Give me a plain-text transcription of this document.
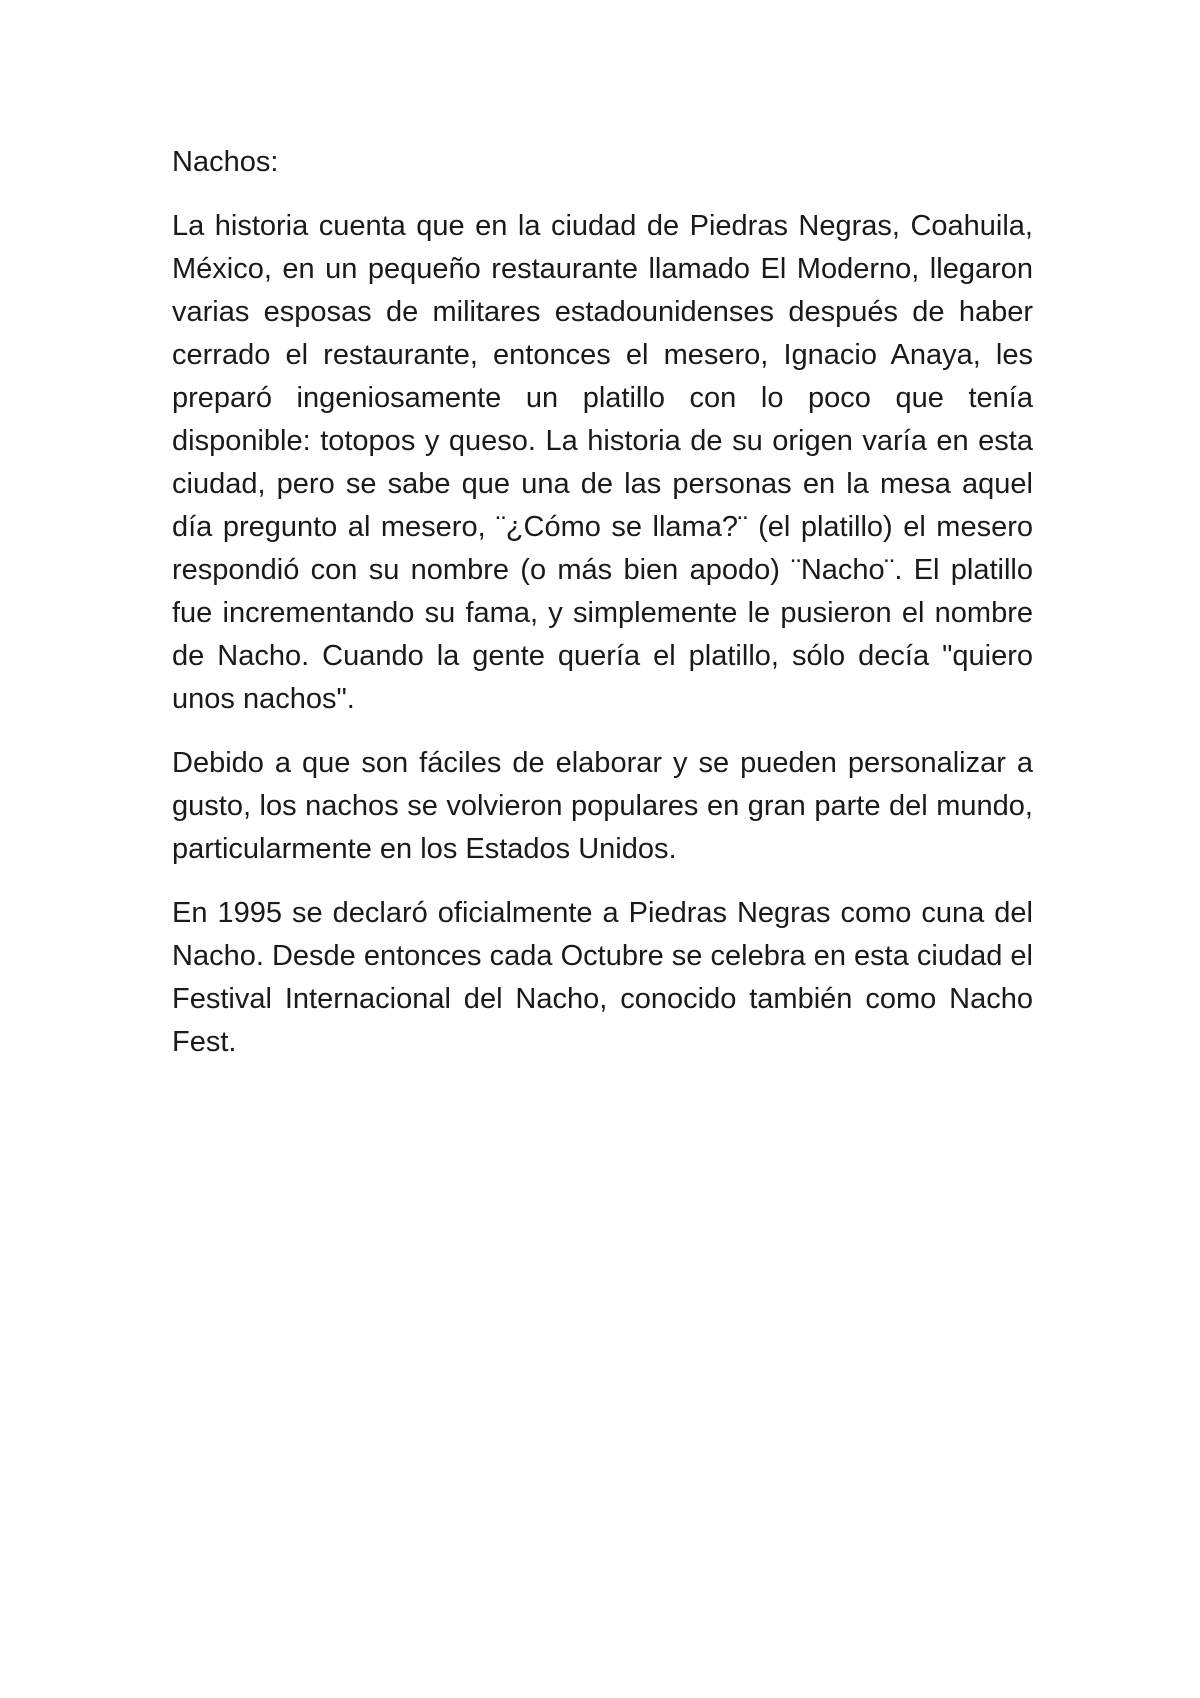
Nachos:

La historia cuenta que en la ciudad de Piedras Negras, Coahuila, México, en un pequeño restaurante llamado El Moderno, llegaron varias esposas de militares estadounidenses después de haber cerrado el restaurante, entonces el mesero, Ignacio Anaya, les preparó ingeniosamente un platillo con lo poco que tenía disponible: totopos y queso. La historia de su origen varía en esta ciudad, pero se sabe que una de las personas en la mesa aquel día pregunto al mesero, ¨¿Cómo se llama?¨ (el platillo) el mesero respondió con su nombre (o más bien apodo) ¨Nacho¨. El platillo fue incrementando su fama, y simplemente le pusieron el nombre de Nacho. Cuando la gente quería el platillo, sólo decía "quiero unos nachos".

Debido a que son fáciles de elaborar y se pueden personalizar a gusto, los nachos se volvieron populares en gran parte del mundo, particularmente en los Estados Unidos.

En 1995 se declaró oficialmente a Piedras Negras como cuna del Nacho. Desde entonces cada Octubre se celebra en esta ciudad el Festival Internacional del Nacho, conocido también como Nacho Fest.
